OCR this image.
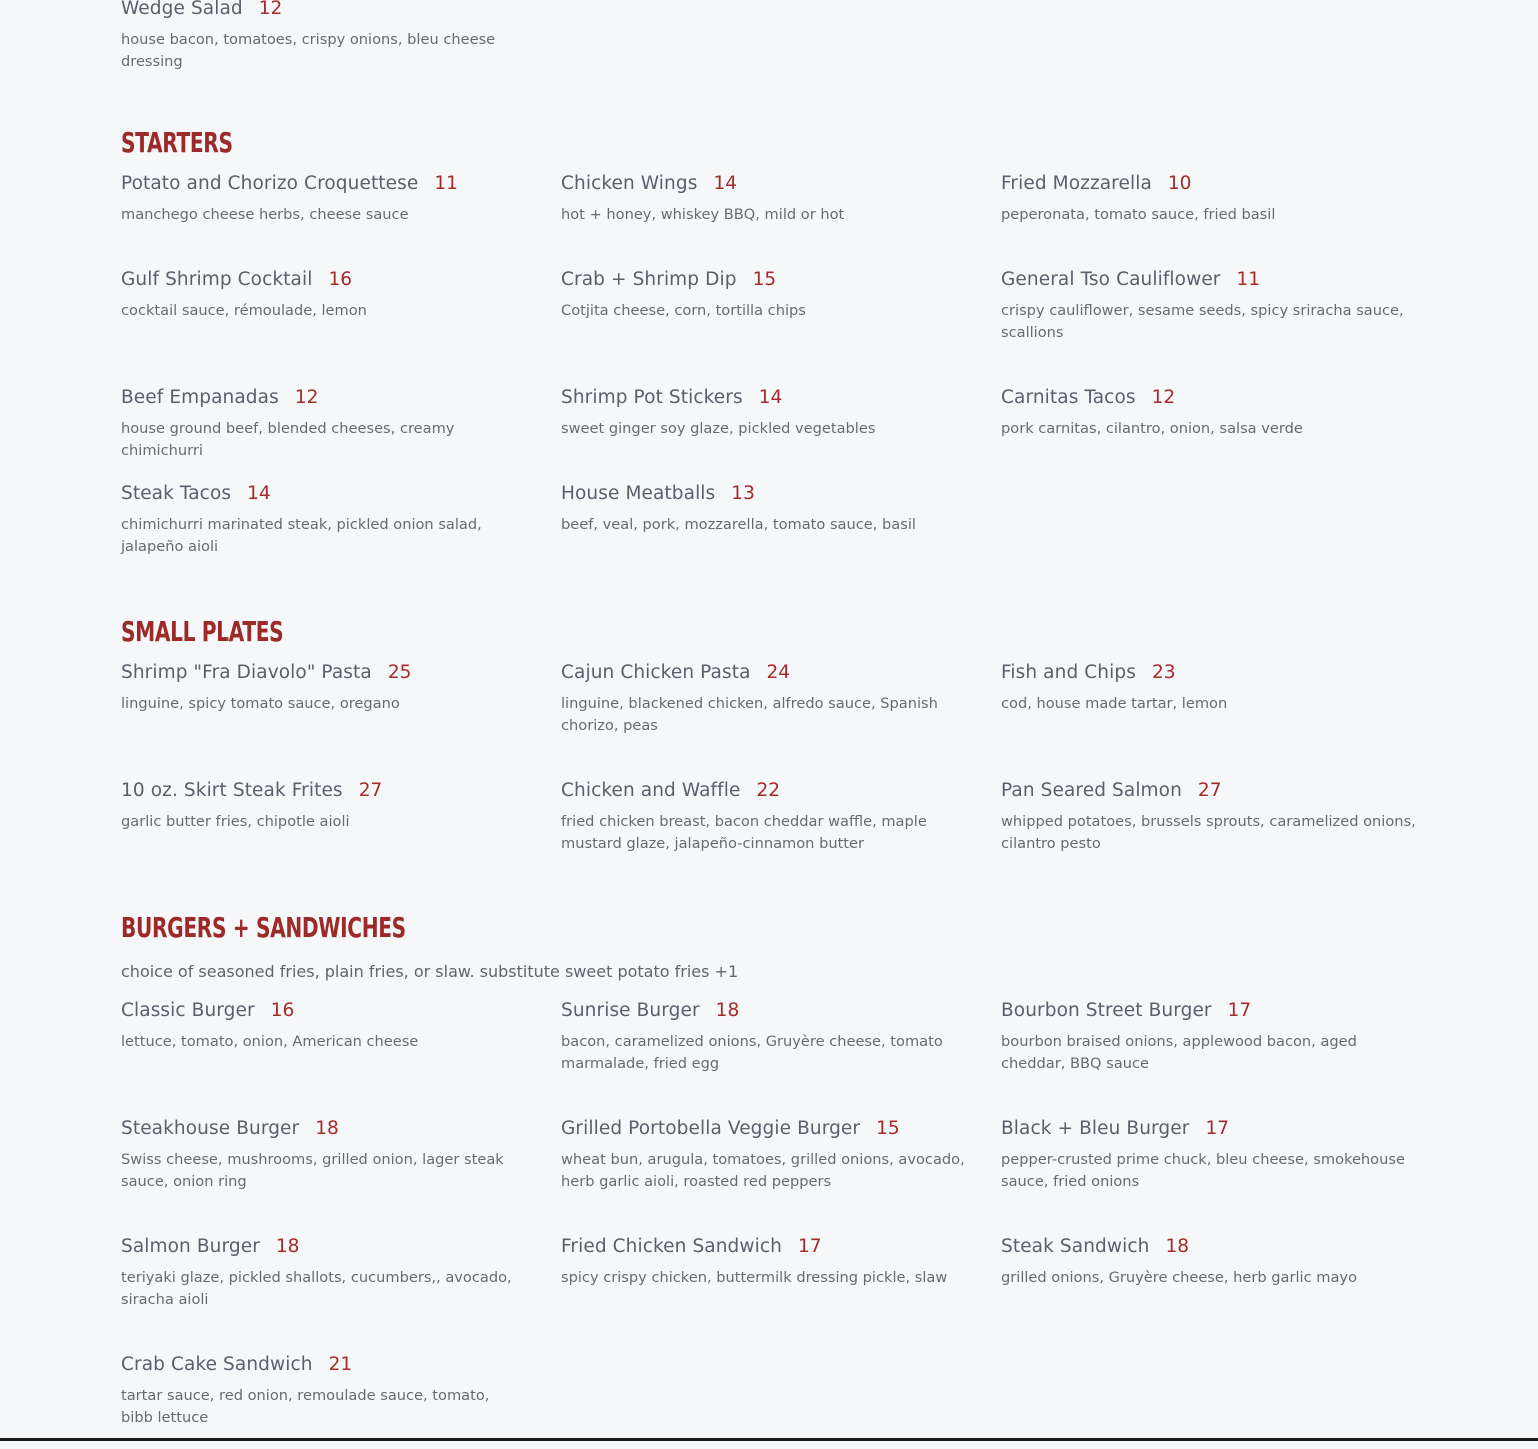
Wedge Salad 12
house bacon, tomatoes, crispy onions, bleu cheese dressing
STARTERS
Potato and Chorizo Croquettese 11
manchego cheese herbs, cheese sauce
Chicken Wings 14
hot + honey, whiskey BBQ, mild or hot
Fried Mozzarella 10
peperonata, tomato sauce, fried basil
Gulf Shrimp Cocktail 16
cocktail sauce, rémoulade, lemon
Crab + Shrimp Dip 15
Cotjita cheese, corn, tortilla chips
General Tso Cauliflower 11
crispy cauliflower, sesame seeds, spicy sriracha sauce, scallions
Beef Empanadas 12
house ground beef, blended cheeses, creamy chimichurri
Shrimp Pot Stickers 14
sweet ginger soy glaze, pickled vegetables
Carnitas Tacos 12
pork carnitas, cilantro, onion, salsa verde
Steak Tacos 14
chimichurri marinated steak, pickled onion salad, jalapeño aioli
House Meatballs 13
beef, veal, pork, mozzarella, tomato sauce, basil
SMALL PLATES
Shrimp "Fra Diavolo" Pasta 25
linguine, spicy tomato sauce, oregano
Cajun Chicken Pasta 24
linguine, blackened chicken, alfredo sauce, Spanish chorizo, peas
Fish and Chips 23
cod, house made tartar, lemon
10 oz. Skirt Steak Frites 27
garlic butter fries, chipotle aioli
Chicken and Waffle 22
fried chicken breast, bacon cheddar waffle, maple mustard glaze, jalapeño-cinnamon butter
Pan Seared Salmon 27
whipped potatoes, brussels sprouts, caramelized onions, cilantro pesto
BURGERS + SANDWICHES
choice of seasoned fries, plain fries, or slaw. substitute sweet potato fries +1
Classic Burger 16
lettuce, tomato, onion, American cheese
Sunrise Burger 18
bacon, caramelized onions, Gruyère cheese, tomato marmalade, fried egg
Bourbon Street Burger 17
bourbon braised onions, applewood bacon, aged cheddar, BBQ sauce
Steakhouse Burger 18
Swiss cheese, mushrooms, grilled onion, lager steak sauce, onion ring
Grilled Portobella Veggie Burger 15
wheat bun, arugula, tomatoes, grilled onions, avocado, herb garlic aioli, roasted red peppers
Black + Bleu Burger 17
pepper-crusted prime chuck, bleu cheese, smokehouse sauce, fried onions
Salmon Burger 18
teriyaki glaze, pickled shallots, cucumbers,, avocado, siracha aioli
Fried Chicken Sandwich 17
spicy crispy chicken, buttermilk dressing pickle, slaw
Steak Sandwich 18
grilled onions, Gruyère cheese, herb garlic mayo
Crab Cake Sandwich 21
tartar sauce, red onion, remoulade sauce, tomato, bibb lettuce
